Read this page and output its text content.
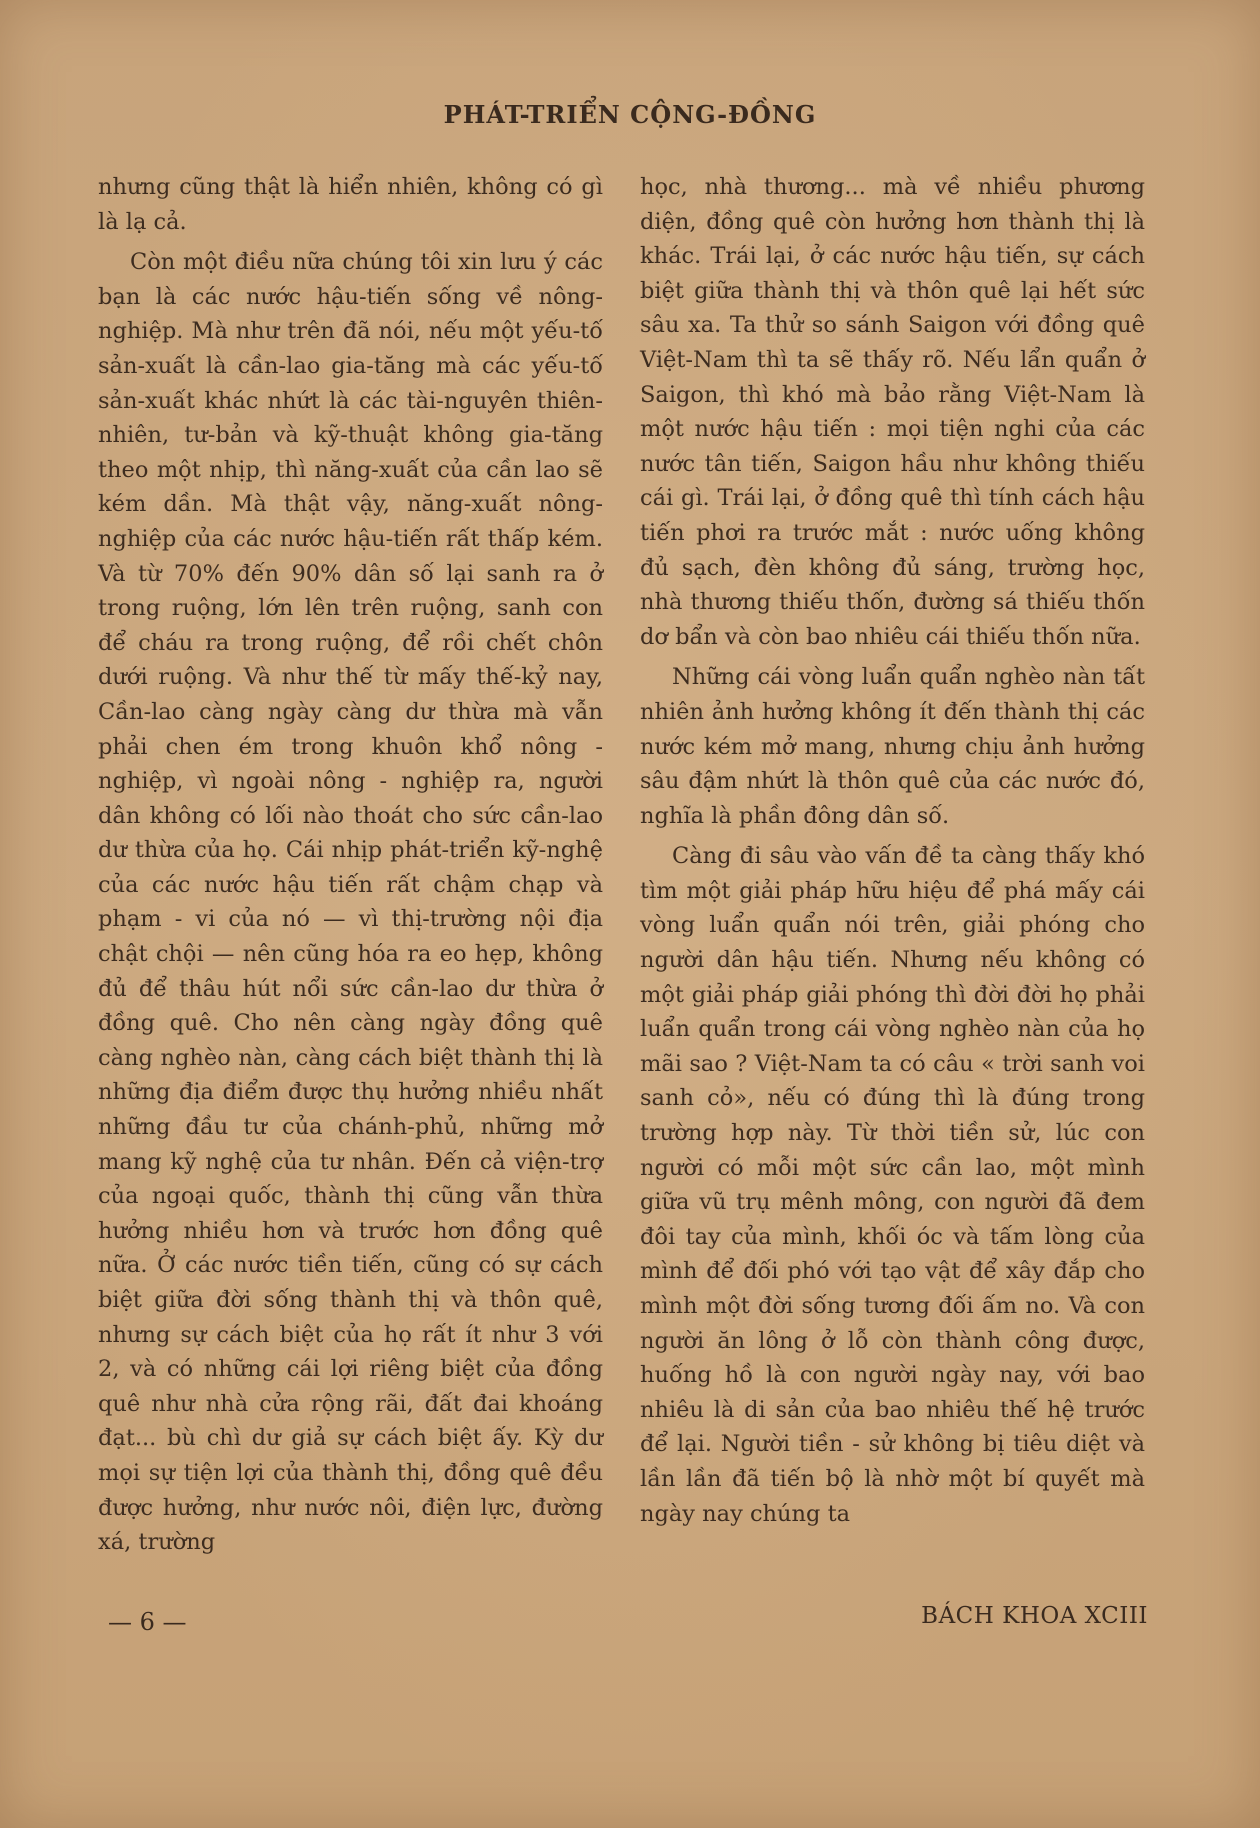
PHÁT-TRIỂN CỘNG-ĐỒNG

nhưng cũng thật là hiển nhiên, không có gì là lạ cả.

Còn một điều nữa chúng tôi xin lưu ý các bạn là các nước hậu-tiến sống về nông-nghiệp. Mà như trên đã nói, nếu một yếu-tố sản-xuất là cần-lao gia-tăng mà các yếu-tố sản-xuất khác nhứt là các tài-nguyên thiên-nhiên, tư-bản và kỹ-thuật không gia-tăng theo một nhịp, thì năng-xuất của cần lao sẽ kém dần. Mà thật vậy, năng-xuất nông-nghiệp của các nước hậu-tiến rất thấp kém. Và từ 70% đến 90% dân số lại sanh ra ở trong ruộng, lớn lên trên ruộng, sanh con để cháu ra trong ruộng, để rồi chết chôn dưới ruộng. Và như thế từ mấy thế-kỷ nay, Cần-lao càng ngày càng dư thừa mà vẫn phải chen ém trong khuôn khổ nông - nghiệp, vì ngoài nông - nghiệp ra, người dân không có lối nào thoát cho sức cần-lao dư thừa của họ. Cái nhịp phát-triển kỹ-nghệ của các nước hậu tiến rất chậm chạp và phạm - vi của nó — vì thị-trường nội địa chật chội — nên cũng hóa ra eo hẹp, không đủ để thâu hút nổi sức cần-lao dư thừa ở đồng quê. Cho nên càng ngày đồng quê càng nghèo nàn, càng cách biệt thành thị là những địa điểm được thụ hưởng nhiều nhất những đầu tư của chánh-phủ, những mở mang kỹ nghệ của tư nhân. Đến cả viện-trợ của ngoại quốc, thành thị cũng vẫn thừa hưởng nhiều hơn và trước hơn đồng quê nữa. Ở các nước tiền tiến, cũng có sự cách biệt giữa đời sống thành thị và thôn quê, nhưng sự cách biệt của họ rất ít như 3 với 2, và có những cái lợi riêng biệt của đồng quê như nhà cửa rộng rãi, đất đai khoáng đạt... bù chì dư giả sự cách biệt ấy. Kỳ dư mọi sự tiện lợi của thành thị, đồng quê đều được hưởng, như nước nôi, điện lực, đường xá, trường

học, nhà thương... mà về nhiều phương diện, đồng quê còn hưởng hơn thành thị là khác. Trái lại, ở các nước hậu tiến, sự cách biệt giữa thành thị và thôn quê lại hết sức sâu xa. Ta thử so sánh Saigon với đồng quê Việt-Nam thì ta sẽ thấy rõ. Nếu lẩn quẩn ở Saigon, thì khó mà bảo rằng Việt-Nam là một nước hậu tiến : mọi tiện nghi của các nước tân tiến, Saigon hầu như không thiếu cái gì. Trái lại, ở đồng quê thì tính cách hậu tiến phơi ra trước mắt : nước uống không đủ sạch, đèn không đủ sáng, trường học, nhà thương thiếu thốn, đường sá thiếu thốn dơ bẩn và còn bao nhiêu cái thiếu thốn nữa.

Những cái vòng luẩn quẩn nghèo nàn tất nhiên ảnh hưởng không ít đến thành thị các nước kém mở mang, nhưng chịu ảnh hưởng sâu đậm nhứt là thôn quê của các nước đó, nghĩa là phần đông dân số.

Càng đi sâu vào vấn đề ta càng thấy khó tìm một giải pháp hữu hiệu để phá mấy cái vòng luẩn quẩn nói trên, giải phóng cho người dân hậu tiến. Nhưng nếu không có một giải pháp giải phóng thì đời đời họ phải luẩn quẩn trong cái vòng nghèo nàn của họ mãi sao ? Việt-Nam ta có câu « trời sanh voi sanh cỏ», nếu có đúng thì là đúng trong trường hợp này. Từ thời tiền sử, lúc con người có mỗi một sức cần lao, một mình giữa vũ trụ mênh mông, con người đã đem đôi tay của mình, khối óc và tấm lòng của mình để đối phó với tạo vật để xây đắp cho mình một đời sống tương đối ấm no. Và con người ăn lông ở lỗ còn thành công được, huống hồ là con người ngày nay, với bao nhiêu là di sản của bao nhiêu thế hệ trước để lại. Người tiền - sử không bị tiêu diệt và lần lần đã tiến bộ là nhờ một bí quyết mà ngày nay chúng ta

— 6 —	BÁCH KHOA XCIII
